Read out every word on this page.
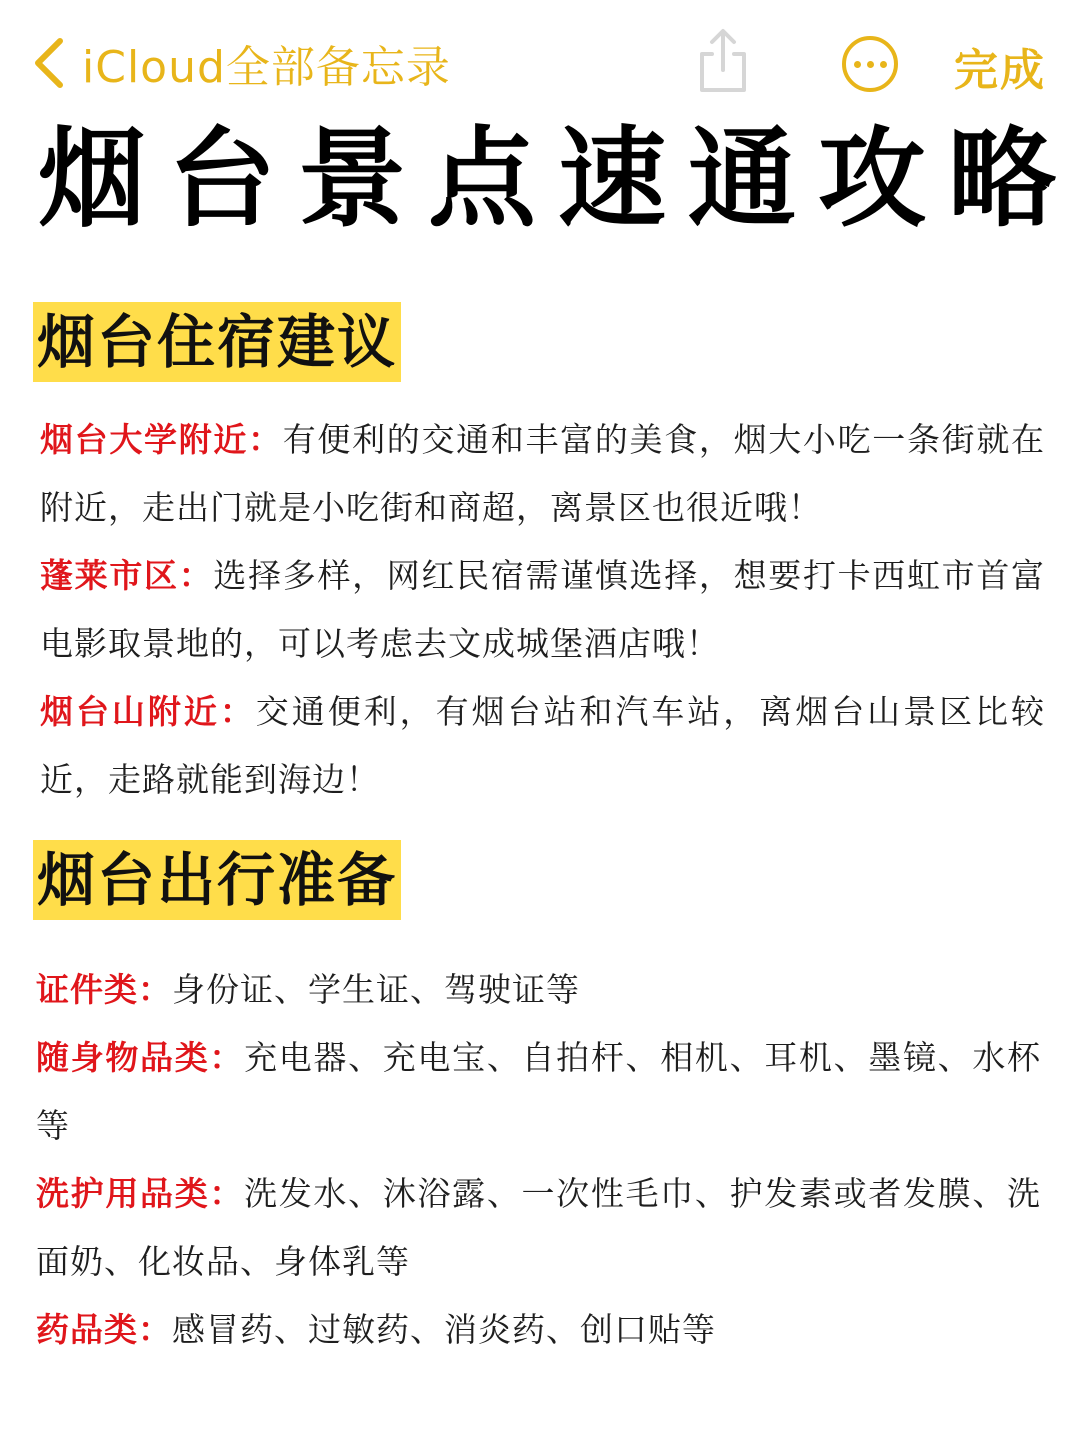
iCloud全部备忘录	完成
烟台景点速通攻略
烟台住宿建议
烟台大学附近：有便利的交通和丰富的美食，烟大小吃一条街就在附近，走出门就是小吃街和商超，离景区也很近哦！
蓬莱市区：选择多样，网红民宿需谨慎选择，想要打卡西虹市首富电影取景地的，可以考虑去文成城堡酒店哦！
烟台山附近：交通便利，有烟台站和汽车站，离烟台山景区比较近，走路就能到海边！
烟台出行准备
证件类：身份证、学生证、驾驶证等
随身物品类：充电器、充电宝、自拍杆、相机、耳机、墨镜、水杯等
洗护用品类：洗发水、沐浴露、一次性毛巾、护发素或者发膜、洗面奶、化妆品、身体乳等
药品类：感冒药、过敏药、消炎药、创口贴等
